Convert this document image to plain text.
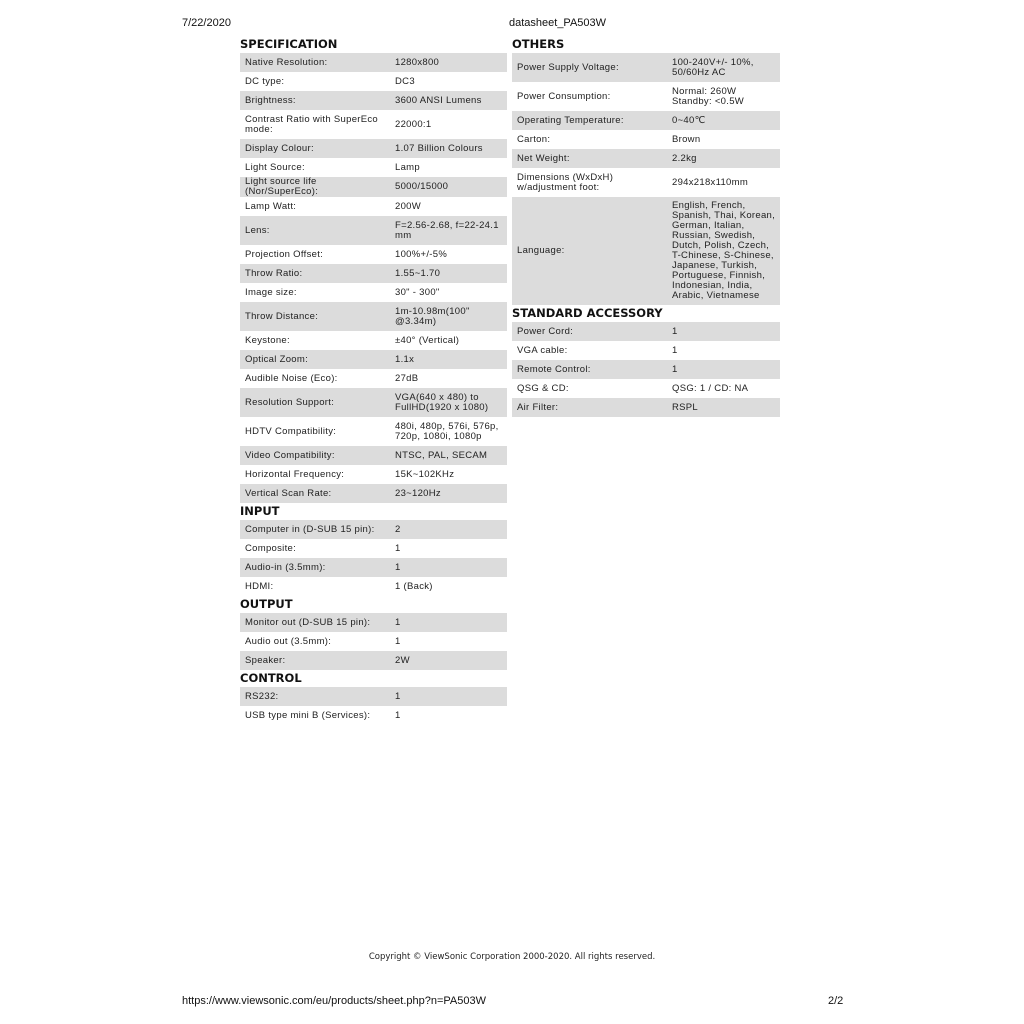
7/22/2020	datasheet_PA503W
SPECIFICATION
Native Resolution:	1280x800
DC type:	DC3
Brightness:	3600 ANSI Lumens
Contrast Ratio with SuperEco mode:	22000:1
Display Colour:	1.07 Billion Colours
Light Source:	Lamp
Light source life (Nor/SuperEco):	5000/15000
Lamp Watt:	200W
Lens:	F=2.56-2.68, f=22-24.1 mm
Projection Offset:	100%+/-5%
Throw Ratio:	1.55~1.70
Image size:	30" - 300"
Throw Distance:	1m-10.98m(100" @3.34m)
Keystone:	±40° (Vertical)
Optical Zoom:	1.1x
Audible Noise (Eco):	27dB
Resolution Support:	VGA(640 x 480) to FullHD(1920 x 1080)
HDTV Compatibility:	480i, 480p, 576i, 576p, 720p, 1080i, 1080p
Video Compatibility:	NTSC, PAL, SECAM
Horizontal Frequency:	15K~102KHz
Vertical Scan Rate:	23~120Hz
INPUT
Computer in (D-SUB 15 pin):	2
Composite:	1
Audio-in (3.5mm):	1
HDMI:	1 (Back)
OUTPUT
Monitor out (D-SUB 15 pin):	1
Audio out (3.5mm):	1
Speaker:	2W
CONTROL
RS232:	1
USB type mini B (Services):	1
OTHERS
Power Supply Voltage:	100-240V+/- 10%, 50/60Hz AC
Power Consumption:	Normal: 260W Standby: <0.5W
Operating Temperature:	0~40℃
Carton:	Brown
Net Weight:	2.2kg
Dimensions (WxDxH) w/adjustment foot:	294x218x110mm
Language:
English, French, Spanish, Thai, Korean, German, Italian, Russian, Swedish, Dutch, Polish, Czech, T-Chinese, S-Chinese, Japanese, Turkish, Portuguese, Finnish, Indonesian, India, Arabic, Vietnamese
STANDARD ACCESSORY
Power Cord:	1
VGA cable:	1
Remote Control:	1
QSG & CD:	QSG: 1 / CD: NA
Air Filter:	RSPL
Copyright © ViewSonic Corporation 2000-2020. All rights reserved.
https://www.viewsonic.com/eu/products/sheet.php?n=PA503W	2/2
